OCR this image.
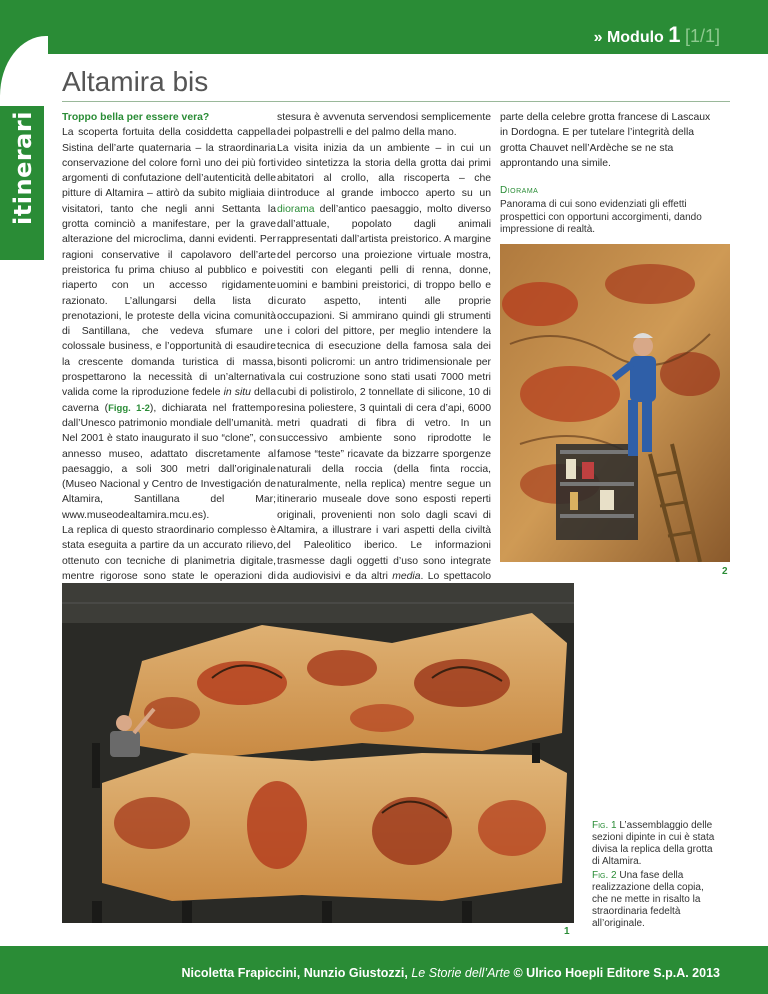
itinerari
» Modulo 1 [1/1]
Altamira bis

Troppo bella per essere vera?

La scoperta fortuita della cosiddetta cappella Sistina dell’arte quaternaria – la straordinaria conservazione del colore fornì uno dei più forti argomenti di confutazione dell’autenticità delle pitture di Altamira – attirò da subito migliaia di visitatori, tanto che negli anni Settanta la grotta cominciò a manifestare, per la grave alterazione del microclima, danni evidenti. Per ragioni conservative il capolavoro dell’arte preistorica fu prima chiuso al pubblico e poi riaperto con un accesso rigidamente razionato. L’allungarsi della lista di prenotazioni, le proteste della vicina comunità di Santillana, che vedeva sfumare un colossale business, e l’opportunità di esaudire la crescente domanda turistica di massa, prospettarono la necessità di un’alternativa valida come la riproduzione fedele in situ della caverna (Figg. 1-2), dichiarata nel frattempo dall’Unesco patrimonio mondiale dell’umanità.

Nel 2001 è stato inaugurato il suo “clone”, con annesso museo, adattato discretamente al paesaggio, a soli 300 metri dall’originale (Museo Nacional y Centro de Investigación de Altamira, Santillana del Mar; www.museodealtamira.mcu.es).

La replica di questo straordinario complesso è stata eseguita a partire da un accurato rilievo, ottenuto con tecniche di planimetria digitale, mentre rigorose sono state le operazioni di

stesura è avvenuta servendosi semplicemente dei polpastrelli e del palmo della mano.

La visita inizia da un ambiente – in cui un video sintetizza la storia della grotta dai primi abitatori al crollo, alla riscoperta – che introduce al grande imbocco aperto su un diorama dell’antico paesaggio, molto diverso dall’attuale, popolato dagli animali rappresentati dall’artista preistorico. A margine del percorso una proiezione virtuale mostra, vestiti con eleganti pelli di renna, donne, uomini e bambini preistorici, di troppo bello e curato aspetto, intenti alle proprie occupazioni. Si ammirano quindi gli strumenti e i colori del pittore, per meglio intendere la tecnica di esecuzione della famosa sala dei bisonti policromi: un antro tridimensionale per la cui costruzione sono stati usati 7000 metri cubi di polistirolo, 2 tonnellate di silicone, 10 di resina poliestere, 3 quintali di cera d’api, 6000 metri quadrati di fibra di vetro. In un successivo ambiente sono riprodotte le famose “teste” ricavate da bizzarre sporgenze naturali della roccia (della finta roccia, naturalmente, nella replica) mentre segue un itinerario museale dove sono esposti reperti originali, provenienti non solo dagli scavi di Altamira, a illustrare i vari aspetti della civiltà del Paleolitico iberico. Le informazioni trasmesse dagli oggetti d’uso sono integrate da audiovisivi e da altri media. Lo spettacolo

parte della celebre grotta francese di Lascaux in Dordogna. E per tutelare l’integrità della grotta Chauvet nell’Ardèche se ne sta approntando una simile.

Diorama
Panorama di cui sono evidenziati gli effetti prospettici con opportuni accorgimenti, dando impressione di realtà.
2
1
Fig. 1 L’assemblaggio delle sezioni dipinte in cui è stata divisa la replica della grotta di Altamira.
Fig. 2 Una fase della realizzazione della copia, che ne mette in risalto la straordinaria fedeltà all’originale.
Nicoletta Frapiccini, Nunzio Giustozzi, Le Storie dell’Arte © Ulrico Hoepli Editore S.p.A. 2013
